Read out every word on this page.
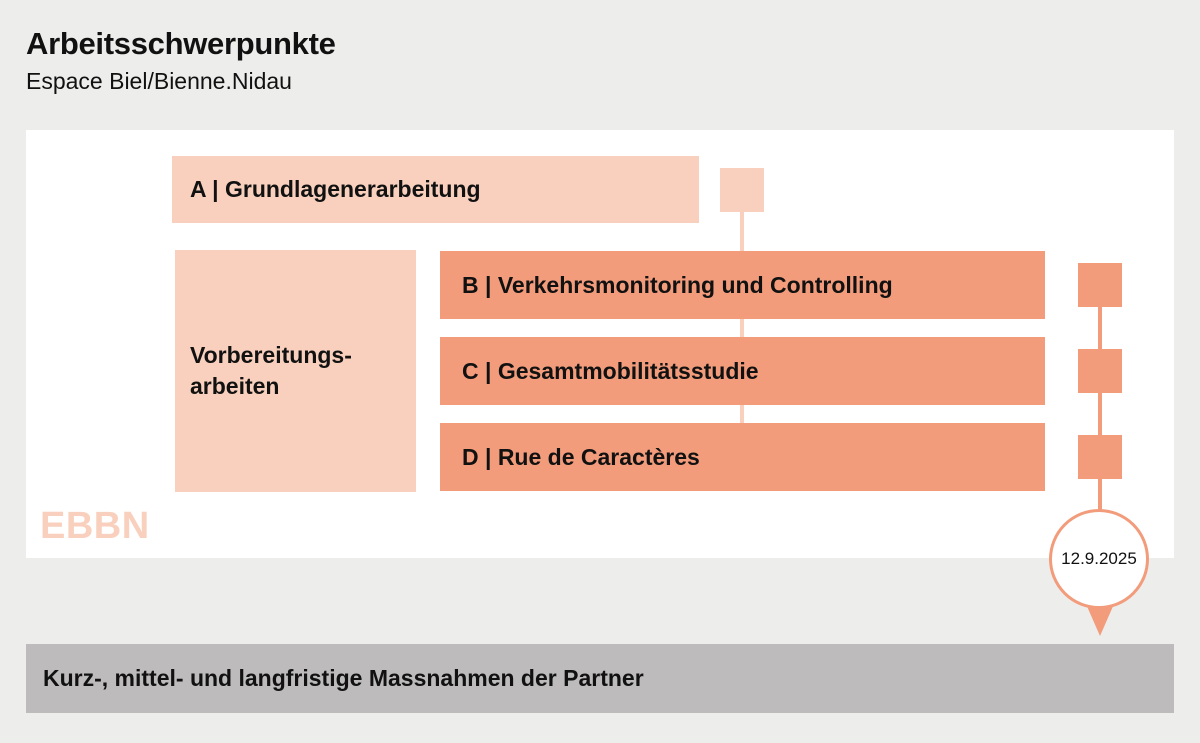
Arbeitsschwerpunkte
Espace Biel/Bienne.Nidau
A | Grundlagenerarbeitung
Vorbereitungs- arbeiten
B | Verkehrsmonitoring und Controlling
C | Gesamtmobilitätsstudie
D | Rue de Caractères
12.9.2025
EBBN
Kurz-, mittel- und langfristige Massnahmen der Partner
